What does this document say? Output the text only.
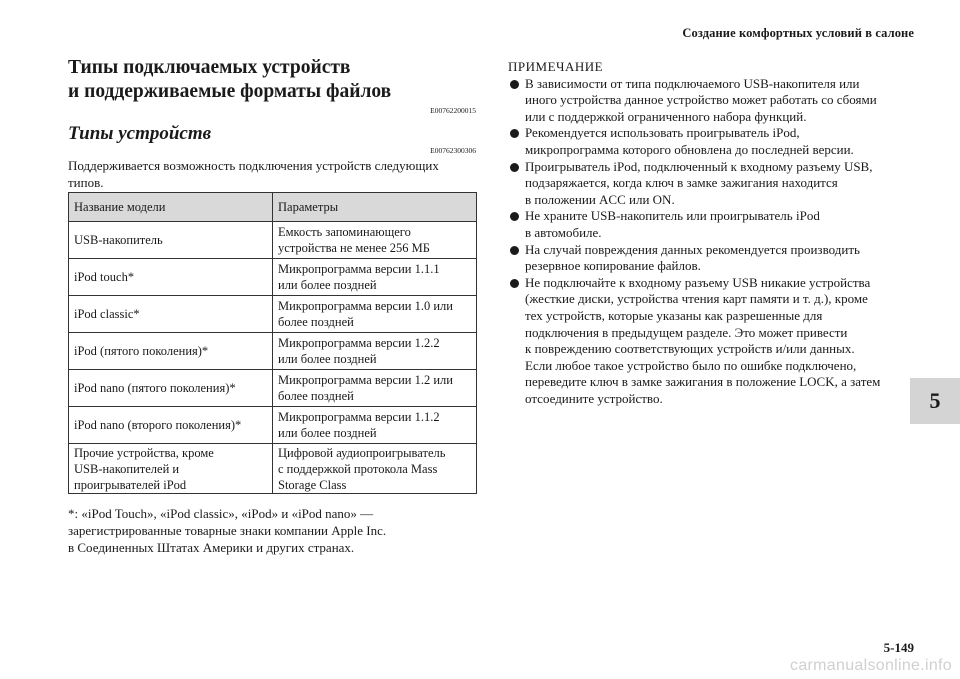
Создание комфортных условий в салоне
Типы подключаемых устройств
и поддерживаемые форматы файлов
E00762200015
Типы устройств
E00762300306
Поддерживается возможность подключения устройств следующих
типов.
Название модели	Параметры
USB-накопитель	Емкость запоминающего
устройства не менее 256 МБ
iPod touch*	Микропрограмма версии 1.1.1
или более поздней
iPod classic*	Микропрограмма версии 1.0 или
более поздней
iPod (пятого поколения)*	Микропрограмма версии 1.2.2
или более поздней
iPod nano (пятого поколения)*	Микропрограмма версии 1.2 или
более поздней
iPod nano (второго поколения)*	Микропрограмма версии 1.1.2
или более поздней
Прочие устройства, кроме
USB-накопителей и
проигрывателей iPod	Цифровой аудиопроигрыватель
с поддержкой протокола Mass
Storage Class
*: «iPod Touch», «iPod classic», «iPod» и «iPod nano» —
зарегистрированные товарные знаки компании Apple Inc.
в Соединенных Штатах Америки и других странах.
ПРИМЕЧАНИЕ
В зависимости от типа подключаемого USB-накопителя или
иного устройства данное устройство может работать со сбоями
или с поддержкой ограниченного набора функций.
Рекомендуется использовать проигрыватель iPod,
микропрограмма которого обновлена до последней версии.
Проигрыватель iPod, подключенный к входному разъему USB,
подзаряжается, когда ключ в замке зажигания находится
в положении ACC или ON.
Не храните USB-накопитель или проигрыватель iPod
в автомобиле.
На случай повреждения данных рекомендуется производить
резервное копирование файлов.
Не подключайте к входному разъему USB никакие устройства
(жесткие диски, устройства чтения карт памяти и т. д.), кроме
тех устройств, которые указаны как разрешенные для
подключения в предыдущем разделе. Это может привести
к повреждению соответствующих устройств и/или данных.
Если любое такое устройство было по ошибке подключено,
переведите ключ в замке зажигания в положение LOCK, а затем
отсоедините устройство.	5
5-149
carmanualsonline.info
